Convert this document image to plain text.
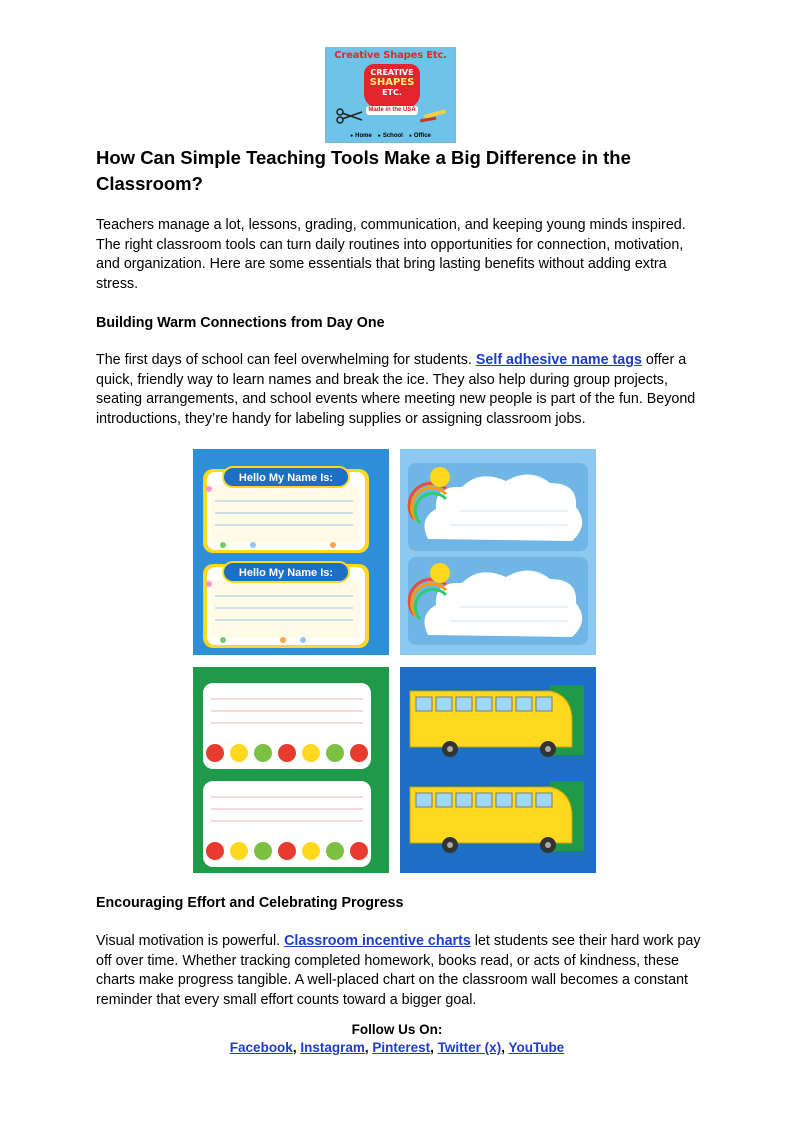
Creative Shapes Etc.
CREATIVE

SHAPES
ETC.
Made in the USA
● Home	● School	● Office
How Can Simple Teaching Tools Make a Big Difference in the Classroom?

Teachers manage a lot, lessons, grading, communication, and keeping young minds inspired. The right classroom tools can turn daily routines into opportunities for connection, motivation, and organization. Here are some essentials that bring lasting benefits without adding extra stress.

Building Warm Connections from Day One

The first days of school can feel overwhelming for students. Self adhesive name tags offer a quick, friendly way to learn names and break the ice. They also help during group projects, seating arrangements, and school events where meeting new people is part of the fun. Beyond introductions, they’re handy for labeling supplies or assigning classroom jobs.

Hello My Name Is:
Hello My Name Is:

Encouraging Effort and Celebrating Progress

Visual motivation is powerful. Classroom incentive charts let students see their hard work pay off over time. Whether tracking completed homework, books read, or acts of kindness, these charts make progress tangible. A well-placed chart on the classroom wall becomes a constant reminder that every small effort counts toward a bigger goal.

Follow Us On:
Facebook, Instagram, Pinterest, Twitter (x), YouTube
